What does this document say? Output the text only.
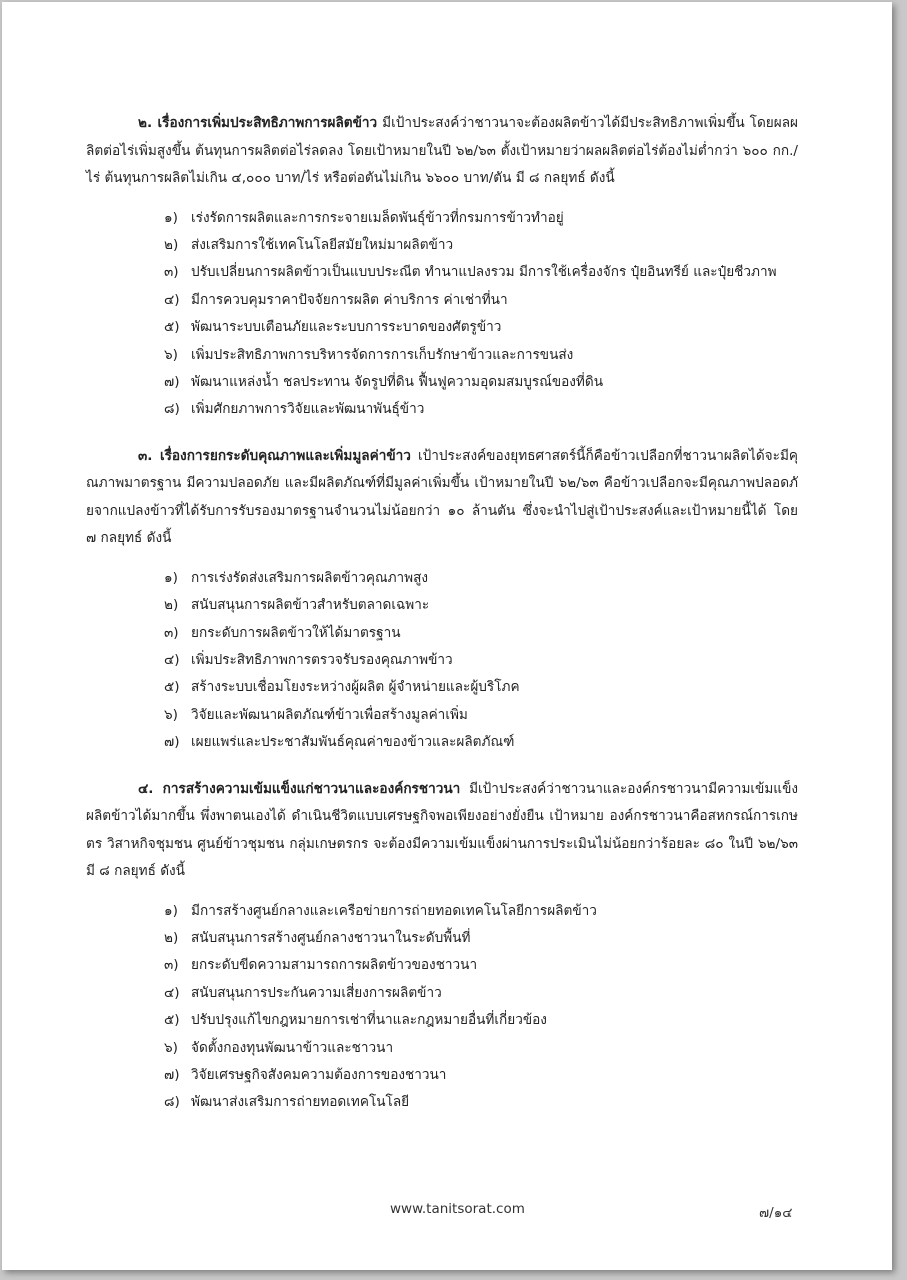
๒. เรื่องการเพิ่มประสิทธิภาพการผลิตข้าว มีเป้าประสงค์ว่าชาวนาจะต้องผลิตข้าวได้มีประสิทธิภาพเพิ่มขึ้น โดยผลผลิตต่อไร่เพิ่มสูงขึ้น ต้นทุนการผลิตต่อไร่ลดลง โดยเป้าหมายในปี ๖๒/๖๓ ตั้งเป้าหมายว่าผลผลิตต่อไร่ต้องไม่ต่ำกว่า ๖๐๐ กก./ไร่ ต้นทุนการผลิตไม่เกิน ๔,๐๐๐ บาท/ไร่ หรือต่อตันไม่เกิน ๖๖๐๐ บาท/ตัน มี ๘ กลยุทธ์ ดังนี้

๑) เร่งรัดการผลิตและการกระจายเมล็ดพันธุ์ข้าวที่กรมการข้าวทำอยู่
๒) ส่งเสริมการใช้เทคโนโลยีสมัยใหม่มาผลิตข้าว
๓) ปรับเปลี่ยนการผลิตข้าวเป็นแบบประณีต ทำนาแปลงรวม มีการใช้เครื่องจักร ปุ๋ยอินทรีย์ และปุ๋ยชีวภาพ
๔) มีการควบคุมราคาปัจจัยการผลิต ค่าบริการ ค่าเช่าที่นา
๕) พัฒนาระบบเตือนภัยและระบบการระบาดของศัตรูข้าว
๖) เพิ่มประสิทธิภาพการบริหารจัดการการเก็บรักษาข้าวและการขนส่ง
๗) พัฒนาแหล่งน้ำ ชลประทาน จัดรูปที่ดิน ฟื้นฟูความอุดมสมบูรณ์ของที่ดิน
๘) เพิ่มศักยภาพการวิจัยและพัฒนาพันธุ์ข้าว

๓. เรื่องการยกระดับคุณภาพและเพิ่มมูลค่าข้าว เป้าประสงค์ของยุทธศาสตร์นี้ก็คือข้าวเปลือกที่ชาวนาผลิตได้จะมีคุณภาพมาตรฐาน มีความปลอดภัย และมีผลิตภัณฑ์ที่มีมูลค่าเพิ่มขึ้น เป้าหมายในปี ๖๒/๖๓ คือข้าวเปลือกจะมีคุณภาพปลอดภัยจากแปลงข้าวที่ได้รับการรับรองมาตรฐานจำนวนไม่น้อยกว่า ๑๐ ล้านตัน ซึ่งจะนำไปสู่เป้าประสงค์และเป้าหมายนี้ได้ โดย ๗ กลยุทธ์ ดังนี้

๑) การเร่งรัดส่งเสริมการผลิตข้าวคุณภาพสูง
๒) สนับสนุนการผลิตข้าวสำหรับตลาดเฉพาะ
๓) ยกระดับการผลิตข้าวให้ได้มาตรฐาน
๔) เพิ่มประสิทธิภาพการตรวจรับรองคุณภาพข้าว
๕) สร้างระบบเชื่อมโยงระหว่างผู้ผลิต ผู้จำหน่ายและผู้บริโภค
๖) วิจัยและพัฒนาผลิตภัณฑ์ข้าวเพื่อสร้างมูลค่าเพิ่ม
๗) เผยแพร่และประชาสัมพันธ์คุณค่าของข้าวและผลิตภัณฑ์

๔. การสร้างความเข้มแข็งแก่ชาวนาและองค์กรชาวนา มีเป้าประสงค์ว่าชาวนาและองค์กรชาวนามีความเข้มแข็ง ผลิตข้าวได้มากขึ้น พึ่งพาตนเองได้ ดำเนินชีวิตแบบเศรษฐกิจพอเพียงอย่างยั่งยืน เป้าหมาย องค์กรชาวนาคือสหกรณ์การเกษตร วิสาหกิจชุมชน ศูนย์ข้าวชุมชน กลุ่มเกษตรกร จะต้องมีความเข้มแข็งผ่านการประเมินไม่น้อยกว่าร้อยละ ๘๐ ในปี ๖๒/๖๓ มี ๘ กลยุทธ์ ดังนี้

๑) มีการสร้างศูนย์กลางและเครือข่ายการถ่ายทอดเทคโนโลยีการผลิตข้าว
๒) สนับสนุนการสร้างศูนย์กลางชาวนาในระดับพื้นที่
๓) ยกระดับขีดความสามารถการผลิตข้าวของชาวนา
๔) สนับสนุนการประกันความเสี่ยงการผลิตข้าว
๕) ปรับปรุงแก้ไขกฎหมายการเช่าที่นาและกฎหมายอื่นที่เกี่ยวข้อง
๖) จัดตั้งกองทุนพัฒนาข้าวและชาวนา
๗) วิจัยเศรษฐกิจสังคมความต้องการของชาวนา
๘) พัฒนาส่งเสริมการถ่ายทอดเทคโนโลยี
www.tanitsorat.com	๗/๑๔
